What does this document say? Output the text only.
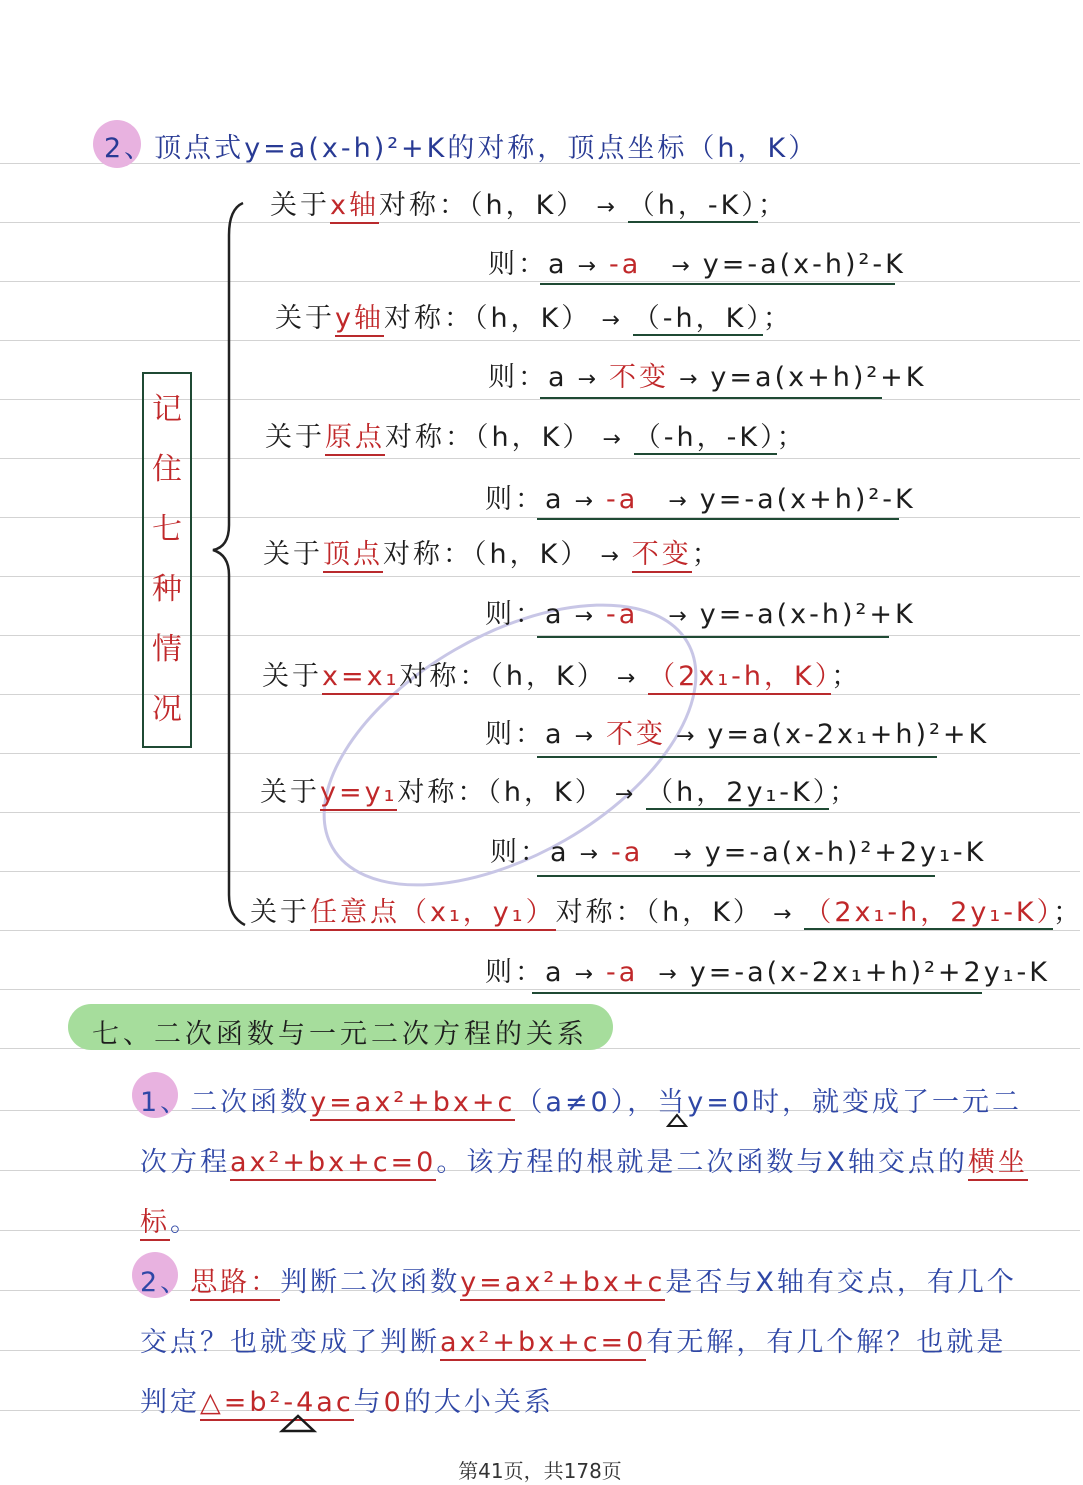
2、顶点式y=a(x-h)²+K的对称，顶点坐标（h，K）
记
住
七
种
情
况
关于x轴对称：（h，K） → （h，-K）；
则：a → -a → y=-a(x-h)²-K
关于y轴对称：（h，K） → （-h，K）；
则：a → 不变 → y=a(x+h)²+K
关于原点对称：（h，K） → （-h，-K）；
则：a → -a → y=-a(x+h)²-K
关于顶点对称：（h，K） → 不变；
则：a → -a → y=-a(x-h)²+K
关于x=x₁对称：（h，K） → （2x₁-h，K）；
则：a → 不变 → y=a(x-2x₁+h)²+K
关于y=y₁对称：（h，K） → （h，2y₁-K）；
则：a → -a → y=-a(x-h)²+2y₁-K
关于任意点（x₁，y₁）对称：（h，K） → （2x₁-h，2y₁-K）；
则：a → -a → y=-a(x-2x₁+h)²+2y₁-K
七、二次函数与一元二次方程的关系
1、二次函数y=ax²+bx+c（a≠0），当y=0时，就变成了一元二
次方程ax²+bx+c=0。该方程的根就是二次函数与X轴交点的横坐
标。
2、思路：判断二次函数y=ax²+bx+c是否与X轴有交点，有几个
交点？也就变成了判断ax²+bx+c=0有无解，有几个解？也就是
判定△=b²-4ac与0的大小关系
第41页，共178页
